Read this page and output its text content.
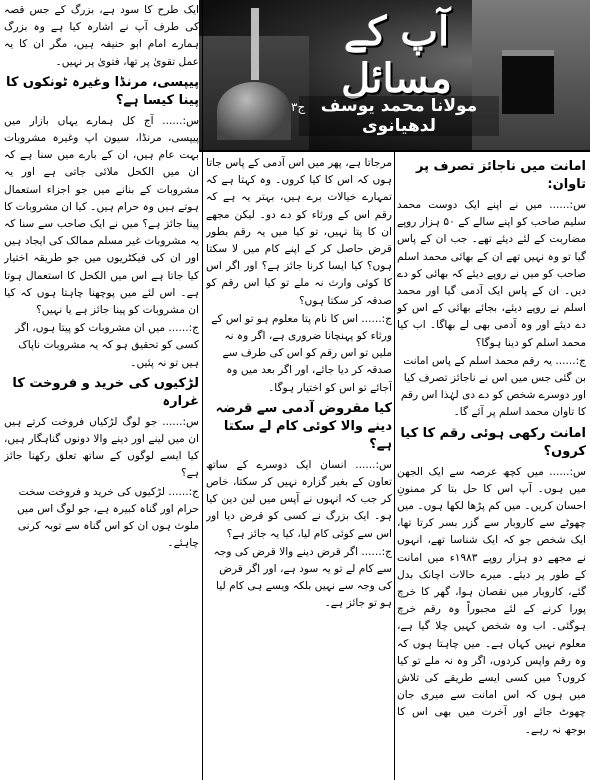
آپ کے مسائل
مولانا محمد یوسف لدھیانوی
ج۳
امانت میں ناجائز تصرف پر تاوان:

س:...... میں نے اپنے ایک دوست محمد سلیم صاحب کو اپنے سالے کے ۵۰ ہزار روپے مضاربت کے لئے دیئے تھے۔ جب ان کے پاس گیا تو وہ نہیں تھے ان کے بھائی محمد اسلم صاحب کو میں نے روپے دیئے کہ بھائی کو دے دیں۔ ان کے پاس ایک آدمی گیا اور محمد اسلم نے روپے دیئے، بجائے بھائی کے اس کو دے دیئے اور وہ آدمی بھی لے بھاگا۔ اب کیا محمد اسلم کو دینا ہوگا؟

ج:...... یہ رقم محمد اسلم کے پاس امانت بن گئی جس میں اس نے ناجائز تصرف کیا اور دوسرے شخص کو دے دی لہٰذا اس رقم کا تاوان محمد اسلم پر آئے گا۔

امانت رکھی ہوئی رقم کا کیا کروں؟

س:...... میں کچھ عرصہ سے ایک الجھن میں ہوں۔ آپ اس کا حل بتا کر ممنونِ احسان کریں۔ میں کم پڑھا لکھا ہوں۔ میں چھوٹے سے کاروبار سے گزر بسر کرتا تھا، ایک شخص جو کہ ایک شناسا تھے، انہوں نے مجھے دو ہزار روپے ۱۹۸۳ء میں امانت کے طور پر دیئے۔ میرے حالات اچانک بدل گئے، کاروبار میں نقصان ہوا، گھر کا خرچ پورا کرنے کے لئے مجبوراً وہ رقم خرچ ہوگئی۔ اب وہ شخص کہیں چلا گیا ہے، معلوم نہیں کہاں ہے۔ میں چاہتا ہوں کہ وہ رقم واپس کردوں، اگر وہ نہ ملے تو کیا کروں؟ میں کسی ایسے طریقے کی تلاش میں ہوں کہ اس امانت سے میری جان چھوٹ جائے اور آخرت میں بھی اس کا بوجھ نہ رہے۔

مرجاتا ہے، پھر میں اس آدمی کے پاس جاتا ہوں کہ اس کا کیا کروں۔ وہ کہتا ہے کہ تمہارے خیالات برے ہیں، بہتر یہ ہے کہ رقم اس کے ورثاء کو دے دو۔ لیکن مجھے ان کا پتا نہیں، تو کیا میں یہ رقم بطور قرض حاصل کر کے اپنے کام میں لا سکتا ہوں؟ کیا ایسا کرنا جائز ہے؟ اور اگر اس کا کوئی وارث نہ ملے تو کیا اس رقم کو صدقہ کر سکتا ہوں؟

ج:...... اس کا نام پتا معلوم ہو تو اس کے ورثاء کو پہنچانا ضروری ہے، اگر وہ نہ ملیں تو اس رقم کو اس کی طرف سے صدقہ کر دیا جائے، اور اگر بعد میں وہ آجائے تو اس کو اختیار ہوگا۔

کیا مقروض آدمی سے قرضہ دینے والا کوئی کام لے سکتا ہے؟

س:...... انسان ایک دوسرے کے ساتھ تعاون کے بغیر گزارہ نہیں کر سکتا، خاص کر جب کہ انہوں نے آپس میں لین دین کیا ہو۔ ایک بزرگ نے کسی کو قرض دیا اور اس سے کوئی کام لیا، کیا یہ جائز ہے؟

ج:...... اگر قرض دینے والا قرض کی وجہ سے کام لے تو یہ سود ہے، اور اگر قرض کی وجہ سے نہیں بلکہ ویسے ہی کام لیا ہو تو جائز ہے۔

ایک طرح کا سود ہے، بزرگ کے جس قصہ کی طرف آپ نے اشارہ کیا ہے وہ بزرگ ہمارے امام ابو حنیفہ ہیں، مگر ان کا یہ عمل تقویٰ پر تھا، فتویٰ پر نہیں۔

پیپسی، مرنڈا وغیرہ ٹونکوں کا پینا کیسا ہے؟

س:...... آج کل ہمارے یہاں بازار میں پیپسی، مرنڈا، سیون اپ وغیرہ مشروبات بہت عام ہیں، ان کے بارے میں سنا ہے کہ ان میں الکحل ملائی جاتی ہے اور یہ مشروبات کے بنانے میں جو اجزاء استعمال ہوتے ہیں وہ حرام ہیں۔ کیا ان مشروبات کا پینا جائز ہے؟ میں نے ایک صاحب سے سنا کہ یہ مشروبات غیر مسلم ممالک کی ایجاد ہیں اور ان کی فیکٹریوں میں جو طریقہ اختیار کیا جاتا ہے اس میں الکحل کا استعمال ہوتا ہے۔ اس لئے میں پوچھنا چاہتا ہوں کہ کیا ان مشروبات کو پینا جائز ہے یا نہیں؟

ج:...... میں ان مشروبات کو پیتا ہوں، اگر کسی کو تحقیق ہو کہ یہ مشروبات ناپاک ہیں تو نہ پئیں۔

لڑکیوں کی خرید و فروخت کا غرارہ

س:...... جو لوگ لڑکیاں فروخت کرتے ہیں ان میں لینے اور دینے والا دونوں گناہگار ہیں، کیا ایسے لوگوں کے ساتھ تعلق رکھنا جائز ہے؟

ج:...... لڑکیوں کی خرید و فروخت سخت حرام اور گناہ کبیرہ ہے، جو لوگ اس میں ملوث ہوں ان کو اس گناہ سے توبہ کرنی چاہئے۔
